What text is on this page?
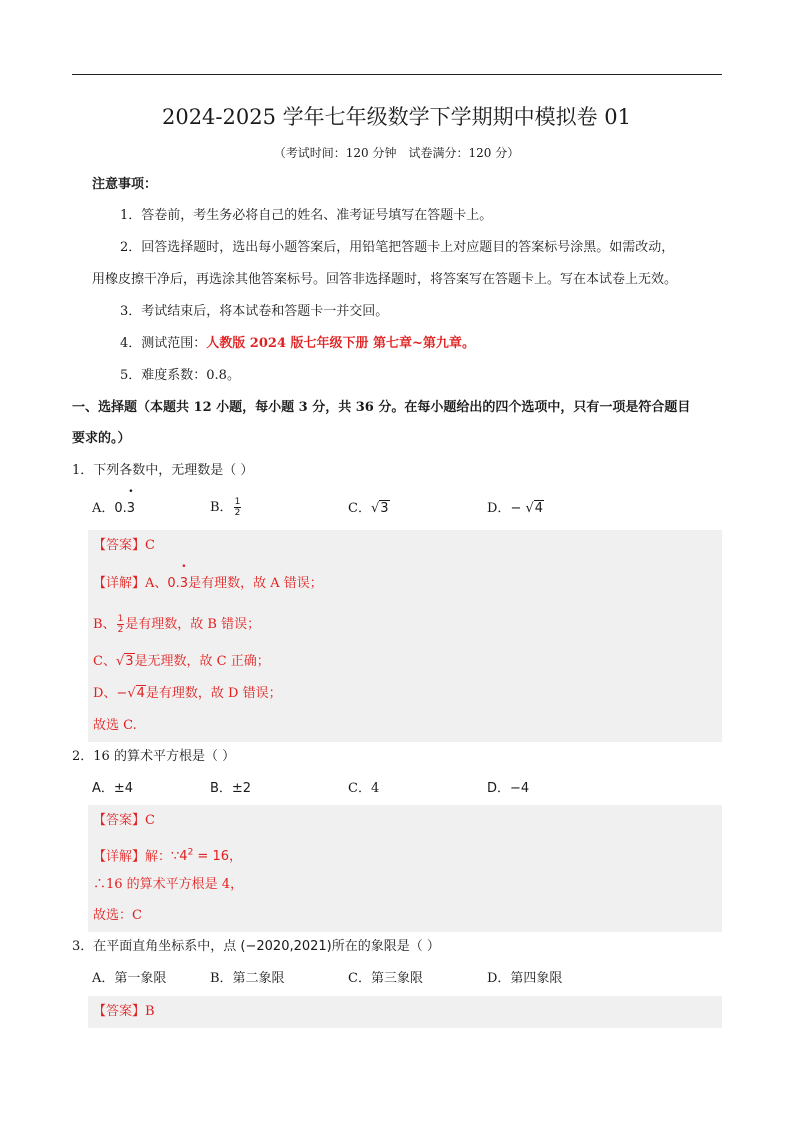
2024-2025 学年七年级数学下学期期中模拟卷 01
（考试时间：120 分钟　试卷满分：120 分）
注意事项：
1．答卷前，考生务必将自己的姓名、准考证号填写在答题卡上。
2．回答选择题时，选出每小题答案后，用铅笔把答题卡上对应题目的答案标号涂黑。如需改动，
用橡皮擦干净后，再选涂其他答案标号。回答非选择题时，将答案写在答题卡上。写在本试卷上无效。
3．考试结束后，将本试卷和答题卡一并交回。
4．测试范围：人教版 2024 版七年级下册 第七章~第九章。
5．难度系数：0.8。
一、选择题（本题共 12 小题，每小题 3 分，共 36 分。在每小题给出的四个选项中，只有一项是符合题目
要求的。）
1．下列各数中，无理数是（ ）
A．0.• 3	B． $\frac{1}{2}$	C．√3	D．− √4
【答案】C
【详解】A、0.• 3是有理数，故 A 错误；
B、 $\frac{1}{2}$ 是有理数，故 B 错误；
C、√3是无理数，故 C 正确；
D、−√4是有理数，故 D 错误；
故选 C.
2．16 的算术平方根是（ ）
A．±4	B．±2	C．4	D．−4
【答案】C
【详解】解：$\because 4^2 = 16$，
∴16 的算术平方根是 4，
故选：C
3．在平面直角坐标系中，点 (−2020,2021)所在的象限是（ ）
A．第一象限	B．第二象限	C．第三象限	D．第四象限
【答案】B
